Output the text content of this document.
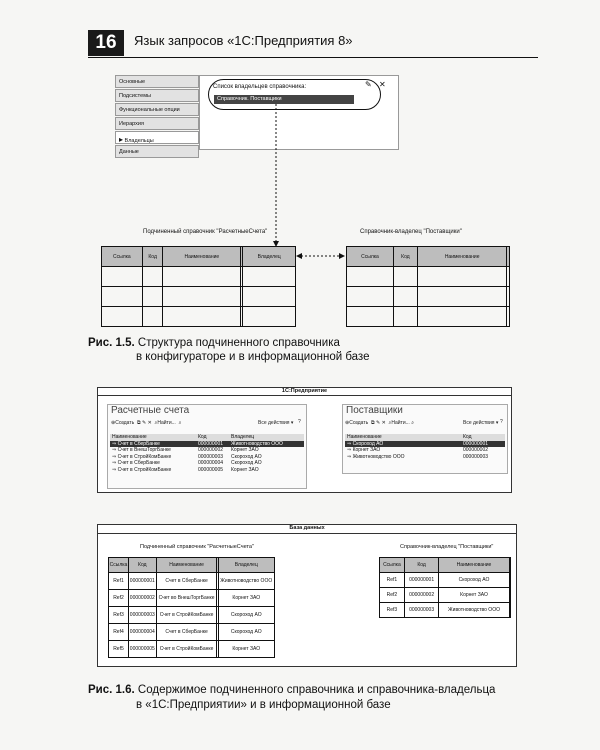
16	Язык запросов «1С:Предприятия 8»
Основные
Подсистемы
Функциональные опции
Иерархия
▸ Владельцы
Данные
Список владельцев справочника:
Справочник. Поставщики
✎ ✕
Подчиненный справочник "РасчетныеСчета"	Справочник-владелец "Поставщики"
Ссылка	Код	Наименование		Владелец

					Ссылка	Код	Наименование	

Рис. 1.5. Структура подчиненного справочника
в конфигураторе и в информационной базе
1С:Предприятие
Расчетные счета
⊕Создать ⧉ ✎ ✕ ⌕Найти... ⌕	Все действия ▾ ?
Наименование	Код	Владелец
⇒ Счет в СберБанке	000000001 Животноводство ООО
⇒ Счет в ВнешТоргБанке	000000002 Корнет ЗАО
⇒ Счет в СтройКомБанке	000000003 Скороход АО
⇒ Счет в СберБанке	000000004 Скороход АО
⇒ Счет в СтройКомБанке	000000005 Корнет ЗАО
Поставщики
⊕Создать ⧉ ✎ ✕ ⌕Найти... ⌕	Все действия ▾ ?
Наименование	Код
⇒ Скороход АО	000000001
⇒ Корнет ЗАО	000000002
⇒ Животноводство ООО	000000003
База данных
Подчиненный справочник "РасчетныеСчета"	Справочник-владелец "Поставщики"
Ссылка	Код	Наименование		Владелец
Ref1	000000001	Счет в СберБанке		Животноводство ООО
Ref2	000000002	Счет во ВнешТоргБанке		Корнет ЗАО
Ref3	000000003	Счет в СтройКомБанке		Скороход АО
Ref4	000000004	Счет в СберБанке		Скороход АО
Ref5	000000005	Счет в СтройКомБанке		Корнет ЗАО
Ссылка	Код	Наименование	
Ref1	000000001	Скороход АО	
Ref2	000000002	Корнет ЗАО	
Ref3	000000003	Животноводство ООО	
Рис. 1.6. Содержимое подчиненного справочника и справочника-владельца
в «1С:Предприятии» и в информационной базе
